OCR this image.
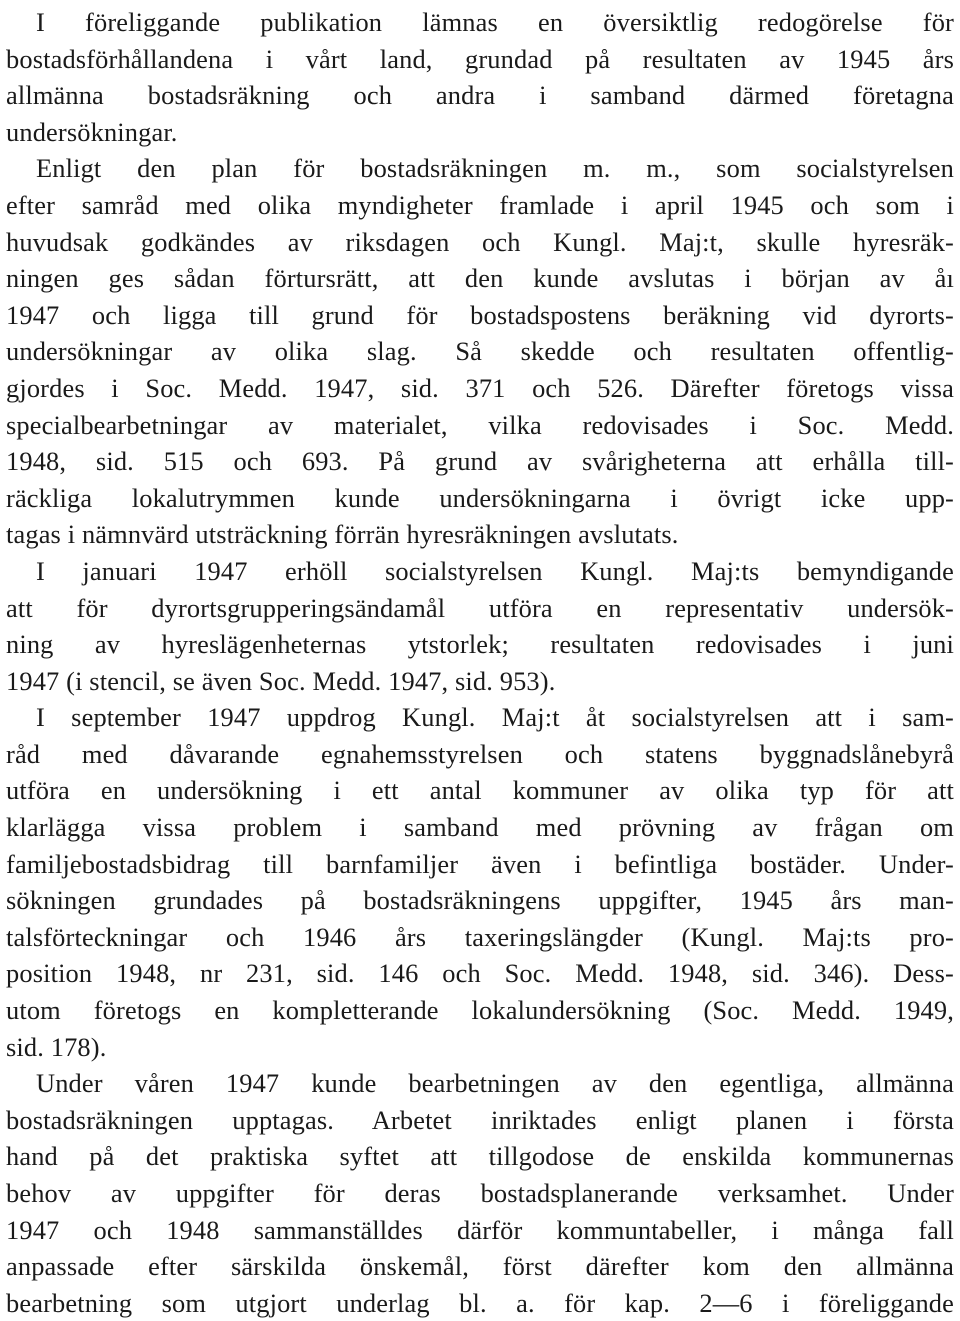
I föreliggande publikation lämnas en översiktlig redogörelse för
bostadsförhållandena i vårt land, grundad på resultaten av 1945 års
allmänna bostadsräkning och andra i samband därmed företagna
undersökningar.
Enligt den plan för bostadsräkningen m. m., som socialstyrelsen
efter samråd med olika myndigheter framlade i april 1945 och som i
huvudsak godkändes av riksdagen och Kungl. Maj:t, skulle hyresräk-
ningen ges sådan förtursrätt, att den kunde avslutas i början av åı
1947 och ligga till grund för bostadspostens beräkning vid dyrorts-
undersökningar av olika slag. Så skedde och resultaten offentlig-
gjordes i Soc. Medd. 1947, sid. 371 och 526. Därefter företogs vissa
specialbearbetningar av materialet, vilka redovisades i Soc. Medd.
1948, sid. 515 och 693. På grund av svårigheterna att erhålla till-
räckliga lokalutrymmen kunde undersökningarna i övrigt icke upp-
tagas i nämnvärd utsträckning förrän hyresräkningen avslutats.
I januari 1947 erhöll socialstyrelsen Kungl. Maj:ts bemyndigande
att för dyrortsgrupperingsändamål utföra en representativ undersök-
ning av hyreslägenheternas ytstorlek; resultaten redovisades i juni
1947 (i stencil, se även Soc. Medd. 1947, sid. 953).
I september 1947 uppdrog Kungl. Maj:t åt socialstyrelsen att i sam-
råd med dåvarande egnahemsstyrelsen och statens byggnadslånebyrå
utföra en undersökning i ett antal kommuner av olika typ för att
klarlägga vissa problem i samband med prövning av frågan om
familjebostadsbidrag till barnfamiljer även i befintliga bostäder. Under-
sökningen grundades på bostadsräkningens uppgifter, 1945 års man-
talsförteckningar och 1946 års taxeringslängder (Kungl. Maj:ts pro-
position 1948, nr 231, sid. 146 och Soc. Medd. 1948, sid. 346). Dess-
utom företogs en kompletterande lokalundersökning (Soc. Medd. 1949,
sid. 178).
Under våren 1947 kunde bearbetningen av den egentliga, allmänna
bostadsräkningen upptagas. Arbetet inriktades enligt planen i första
hand på det praktiska syftet att tillgodose de enskilda kommunernas
behov av uppgifter för deras bostadsplanerande verksamhet. Under
1947 och 1948 sammanställdes därför kommuntabeller, i många fall
anpassade efter särskilda önskemål, först därefter kom den allmänna
bearbetning som utgjort underlag bl. a. för kap. 2—6 i föreliggande
